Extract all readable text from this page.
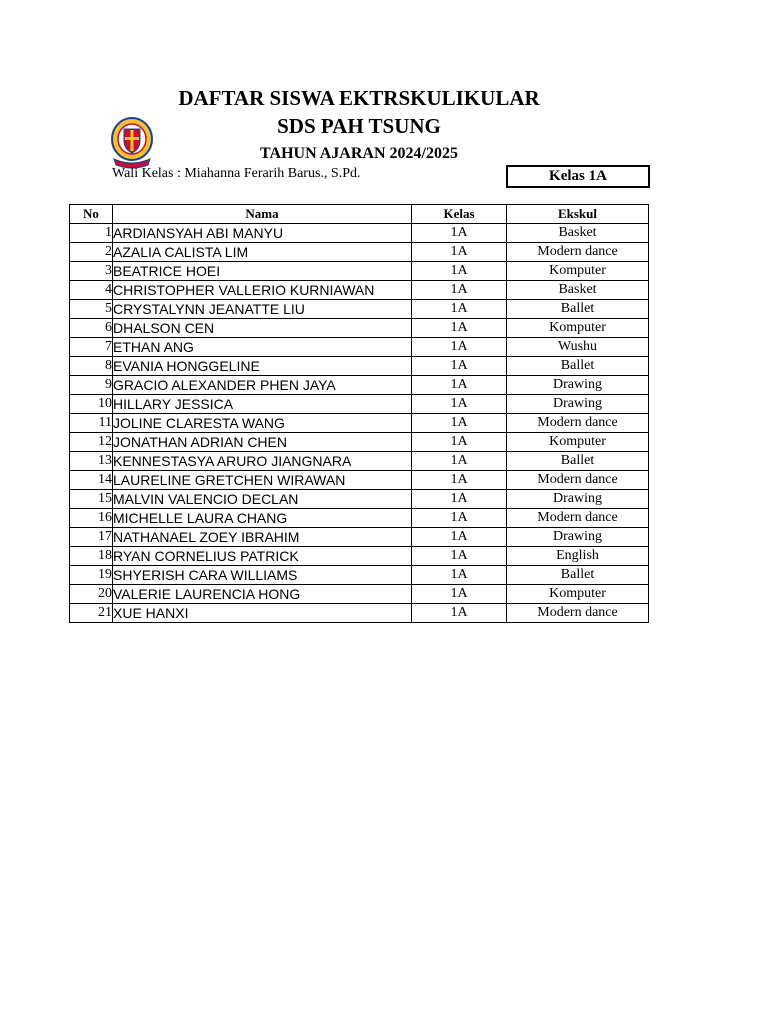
DAFTAR SISWA EKTRSKULIKULAR
SDS PAH TSUNG
TAHUN AJARAN 2024/2025
Wali Kelas : Miahanna Ferarih Barus., S.Pd.	Kelas 1A
No	Nama	Kelas	Ekskul
1	ARDIANSYAH ABI MANYU	1A	Basket
2	AZALIA CALISTA LIM	1A	Modern dance
3	BEATRICE HOEI	1A	Komputer
4	CHRISTOPHER VALLERIO KURNIAWAN	1A	Basket
5	CRYSTALYNN JEANATTE LIU	1A	Ballet
6	DHALSON CEN	1A	Komputer
7	ETHAN ANG	1A	Wushu
8	EVANIA HONGGELINE	1A	Ballet
9	GRACIO ALEXANDER PHEN JAYA	1A	Drawing
10	HILLARY JESSICA	1A	Drawing
11	JOLINE CLARESTA WANG	1A	Modern dance
12	JONATHAN ADRIAN CHEN	1A	Komputer
13	KENNESTASYA ARURO JIANGNARA	1A	Ballet
14	LAURELINE GRETCHEN WIRAWAN	1A	Modern dance
15	MALVIN VALENCIO DECLAN	1A	Drawing
16	MICHELLE LAURA CHANG	1A	Modern dance
17	NATHANAEL ZOEY IBRAHIM	1A	Drawing
18	RYAN CORNELIUS PATRICK	1A	English
19	SHYERISH CARA WILLIAMS	1A	Ballet
20	VALERIE LAURENCIA HONG	1A	Komputer
21	XUE HANXI	1A	Modern dance
